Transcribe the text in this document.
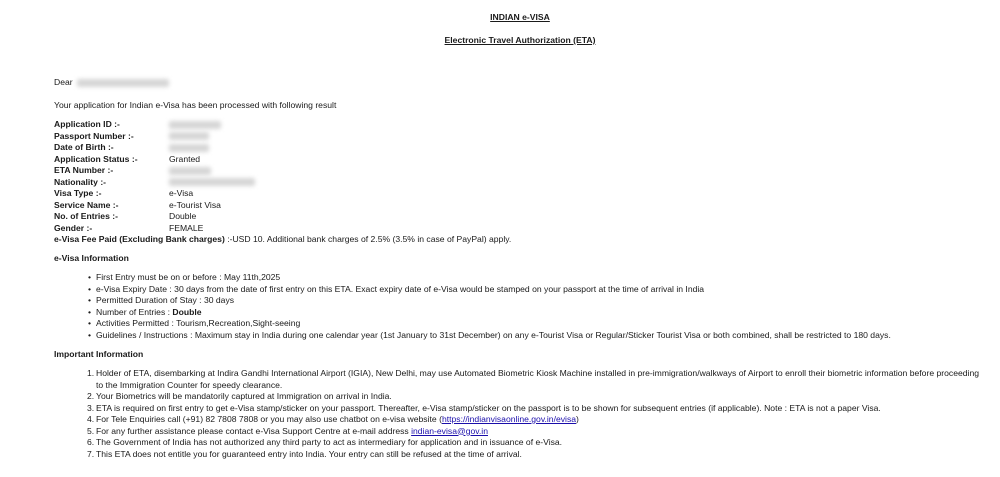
INDIAN e-VISA
Electronic Travel Authorization (ETA)
Dear
Your application for Indian e-Visa has been processed with following result
Application ID :-
Passport Number :-
Date of Birth :-
Application Status :-	Granted
ETA Number :-
Nationality :-
Visa Type :-	e-Visa
Service Name :-	e-Tourist Visa
No. of Entries :-	Double
Gender :-	FEMALE
e-Visa Fee Paid (Excluding Bank charges) :-USD 10. Additional bank charges of 2.5% (3.5% in case of PayPal) apply.
e-Visa Information
• First Entry must be on or before : May 11th,2025
• e-Visa Expiry Date : 30 days from the date of first entry on this ETA. Exact expiry date of e-Visa would be stamped on your passport at the time of arrival in India
• Permitted Duration of Stay : 30 days
• Number of Entries : Double
• Activities Permitted : Tourism,Recreation,Sight-seeing
• Guidelines / Instructions : Maximum stay in India during one calendar year (1st January to 31st December) on any e-Tourist Visa or Regular/Sticker Tourist Visa or both combined, shall be restricted to 180 days.
Important Information
1. Holder of ETA, disembarking at Indira Gandhi International Airport (IGIA), New Delhi, may use Automated Biometric Kiosk Machine installed in pre-immigration/walkways of Airport to enroll their biometric information before proceeding to the Immigration Counter for speedy clearance.
2. Your Biometrics will be mandatorily captured at Immigration on arrival in India.
3. ETA is required on first entry to get e-Visa stamp/sticker on your passport. Thereafter, e-Visa stamp/sticker on the passport is to be shown for subsequent entries (if applicable). Note : ETA is not a paper Visa.
4. For Tele Enquiries call (+91) 82 7808 7808 or you may also use chatbot on e-visa website (https://indianvisaonline.gov.in/evisa)
5. For any further assistance please contact e-Visa Support Centre at e-mail address indian-evisa@gov.in
6. The Government of India has not authorized any third party to act as intermediary for application and in issuance of e-Visa.
7. This ETA does not entitle you for guaranteed entry into India. Your entry can still be refused at the time of arrival.
